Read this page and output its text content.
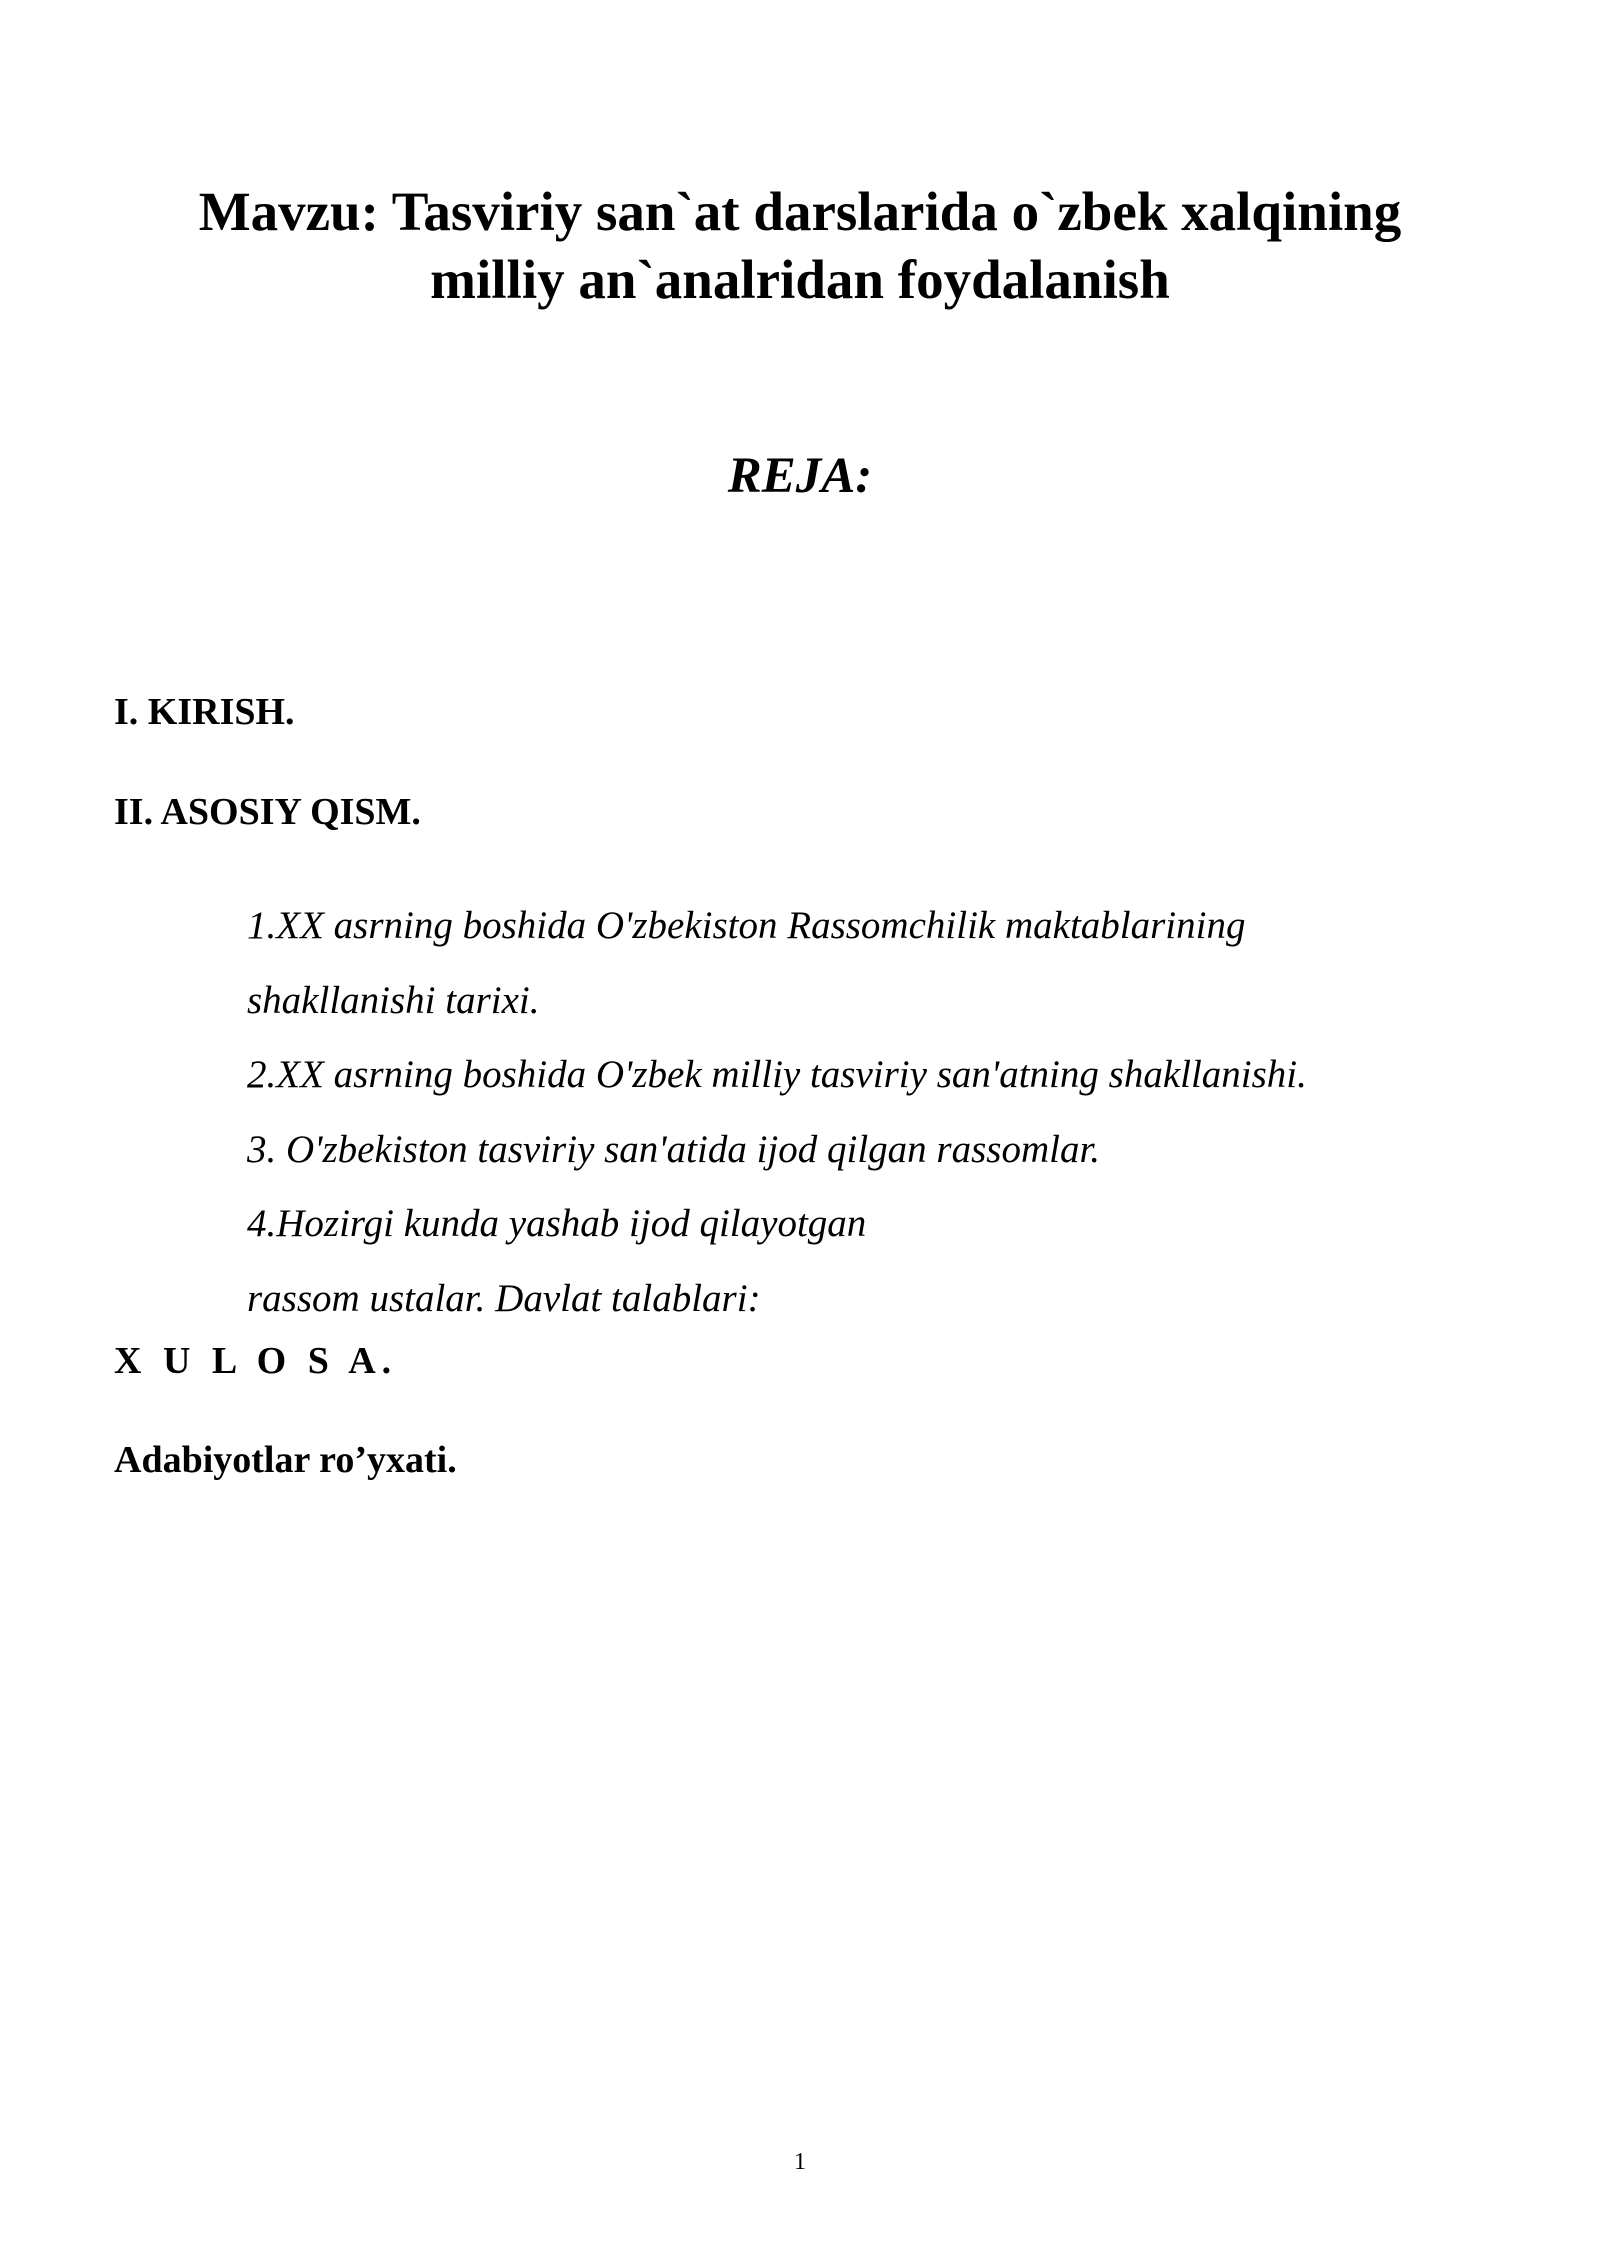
Mavzu: Tasviriy san`at darslarida o`zbek xalqining
milliy an`analridan foydalanish
REJA:

I. KIRISH.

II. ASOSIY QISM.

1.XX asrning boshida O'zbekiston Rassomchilik maktablarining
shakllanishi tarixi.
2.XX asrning boshida O'zbek milliy tasviriy san'atning shakllanishi.
3. O'zbekiston tasviriy san'atida ijod qilgan rassomlar.
4.Hozirgi kunda yashab ijod qilayotgan
rassom ustalar. Davlat talablari:

X U L O S A.

Adabiyotlar ro’yxati.

1
